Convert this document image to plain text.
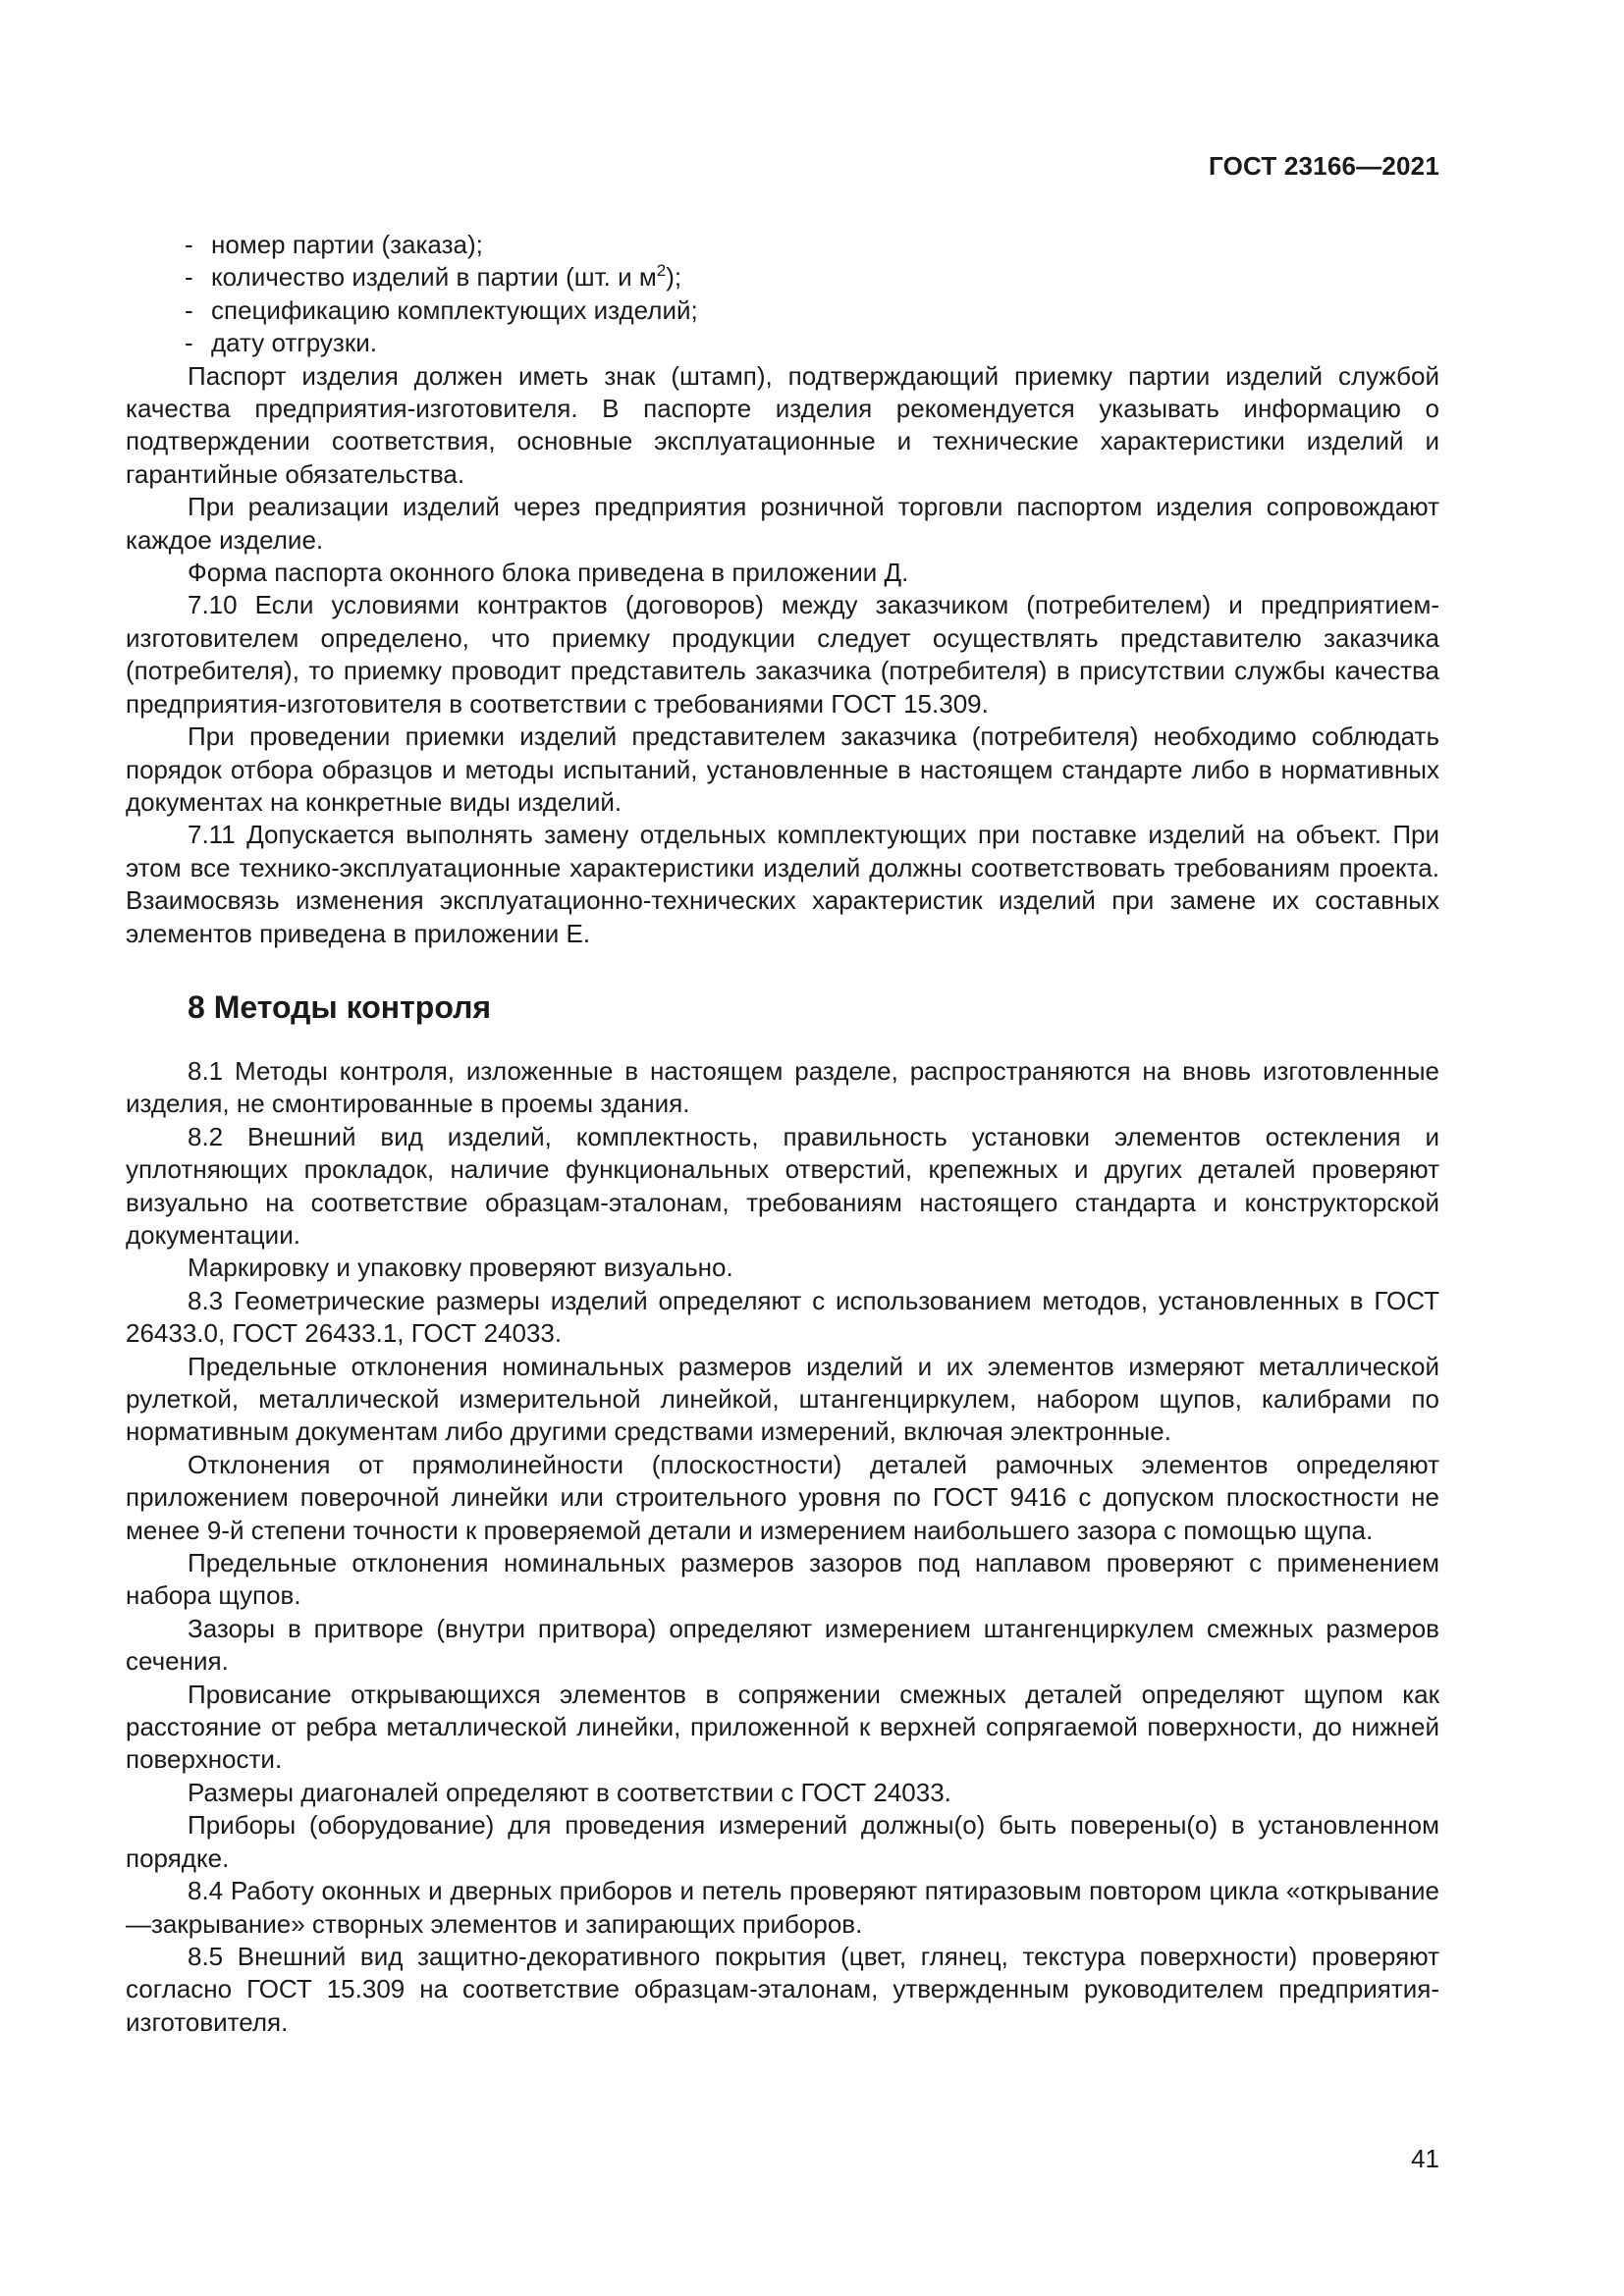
ГОСТ 23166—2021
- номер партии (заказа);
- количество изделий в партии (шт. и $м^2$);
- спецификацию комплектующих изделий;
- дату отгрузки.

Паспорт изделия должен иметь знак (штамп), подтверждающий приемку партии изделий службой качества предприятия-изготовителя. В паспорте изделия рекомендуется указывать информацию о подтверждении соответствия, основные эксплуатационные и технические характеристики изделий и гарантийные обязательства.

При реализации изделий через предприятия розничной торговли паспортом изделия сопровождают каждое изделие.

Форма паспорта оконного блока приведена в приложении Д.

7.10 Если условиями контрактов (договоров) между заказчиком (потребителем) и предприятием-изготовителем определено, что приемку продукции следует осуществлять представителю заказчика (потребителя), то приемку проводит представитель заказчика (потребителя) в присутствии службы качества предприятия-изготовителя в соответствии с требованиями ГОСТ 15.309.

При проведении приемки изделий представителем заказчика (потребителя) необходимо соблюдать порядок отбора образцов и методы испытаний, установленные в настоящем стандарте либо в нормативных документах на конкретные виды изделий.

7.11 Допускается выполнять замену отдельных комплектующих при поставке изделий на объект. При этом все технико-эксплуатационные характеристики изделий должны соответствовать требованиям проекта. Взаимосвязь изменения эксплуатационно-технических характеристик изделий при замене их составных элементов приведена в приложении Е.

8 Методы контроля

8.1 Методы контроля, изложенные в настоящем разделе, распространяются на вновь изготовленные изделия, не смонтированные в проемы здания.

8.2 Внешний вид изделий, комплектность, правильность установки элементов остекления и уплотняющих прокладок, наличие функциональных отверстий, крепежных и других деталей проверяют визуально на соответствие образцам-эталонам, требованиям настоящего стандарта и конструкторской документации.

Маркировку и упаковку проверяют визуально.

8.3 Геометрические размеры изделий определяют с использованием методов, установленных в ГОСТ 26433.0, ГОСТ 26433.1, ГОСТ 24033.

Предельные отклонения номинальных размеров изделий и их элементов измеряют металлической рулеткой, металлической измерительной линейкой, штангенциркулем, набором щупов, калибрами по нормативным документам либо другими средствами измерений, включая электронные.

Отклонения от прямолинейности (плоскостности) деталей рамочных элементов определяют приложением поверочной линейки или строительного уровня по ГОСТ 9416 с допуском плоскостности не менее 9-й степени точности к проверяемой детали и измерением наибольшего зазора с помощью щупа.

Предельные отклонения номинальных размеров зазоров под наплавом проверяют с применением набора щупов.

Зазоры в притворе (внутри притвора) определяют измерением штангенциркулем смежных размеров сечения.

Провисание открывающихся элементов в сопряжении смежных деталей определяют щупом как расстояние от ребра металлической линейки, приложенной к верхней сопрягаемой поверхности, до нижней поверхности.

Размеры диагоналей определяют в соответствии с ГОСТ 24033.

Приборы (оборудование) для проведения измерений должны(о) быть поверены(о) в установленном порядке.

8.4 Работу оконных и дверных приборов и петель проверяют пятиразовым повтором цикла «открывание—закрывание» створных элементов и запирающих приборов.

8.5 Внешний вид защитно-декоративного покрытия (цвет, глянец, текстура поверхности) проверяют согласно ГОСТ 15.309 на соответствие образцам-эталонам, утвержденным руководителем предприятия-изготовителя.

41
